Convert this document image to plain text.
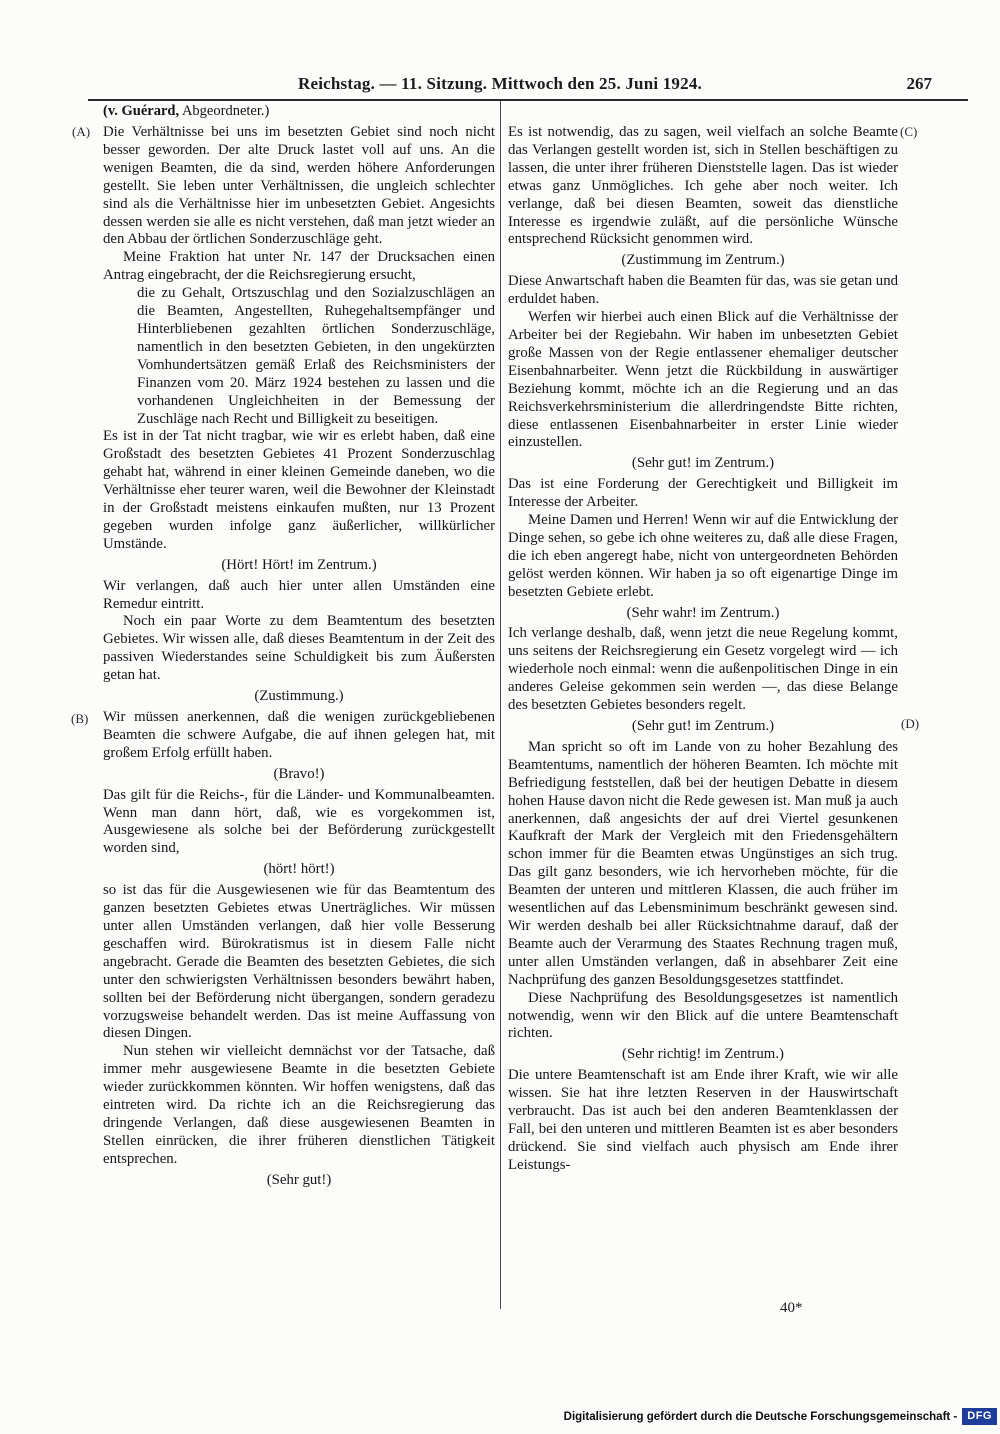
Reichstag. — 11. Sitzung. Mittwoch den 25. Juni 1924.	267
(v. Guérard, Abgeordneter.)
(A)
(B)
(C)
(D)

Die Verhältnisse bei uns im besetzten Gebiet sind noch nicht besser geworden. Der alte Druck lastet voll auf uns. An die wenigen Beamten, die da sind, werden höhere Anforderungen gestellt. Sie leben unter Verhältnissen, die ungleich schlechter sind als die Verhältnisse hier im unbesetzten Gebiet. Angesichts dessen werden sie alle es nicht verstehen, daß man jetzt wieder an den Abbau der örtlichen Sonderzuschläge geht.

Meine Fraktion hat unter Nr. 147 der Drucksachen einen Antrag eingebracht, der die Reichsregierung ersucht,

die zu Gehalt, Ortszuschlag und den Sozialzuschlägen an die Beamten, Angestellten, Ruhegehaltsempfänger und Hinterbliebenen gezahlten örtlichen Sonderzuschläge, namentlich in den besetzten Gebieten, in den ungekürzten Vomhundertsätzen gemäß Erlaß des Reichsministers der Finanzen vom 20. März 1924 bestehen zu lassen und die vorhandenen Ungleichheiten in der Bemessung der Zuschläge nach Recht und Billigkeit zu beseitigen.

Es ist in der Tat nicht tragbar, wie wir es erlebt haben, daß eine Großstadt des besetzten Gebietes 41 Prozent Sonderzuschlag gehabt hat, während in einer kleinen Gemeinde daneben, wo die Verhältnisse eher teurer waren, weil die Bewohner der Kleinstadt in der Großstadt meistens einkaufen mußten, nur 13 Prozent gegeben wurden infolge ganz äußerlicher, willkürlicher Umstände.

(Hört! Hört! im Zentrum.)

Wir verlangen, daß auch hier unter allen Umständen eine Remedur eintritt.

Noch ein paar Worte zu dem Beamtentum des besetzten Gebietes. Wir wissen alle, daß dieses Beamtentum in der Zeit des passiven Wiederstandes seine Schuldigkeit bis zum Äußersten getan hat.

(Zustimmung.)

Wir müssen anerkennen, daß die wenigen zurückgebliebenen Beamten die schwere Aufgabe, die auf ihnen gelegen hat, mit großem Erfolg erfüllt haben.

(Bravo!)

Das gilt für die Reichs-, für die Länder- und Kommunalbeamten. Wenn man dann hört, daß, wie es vorgekommen ist, Ausgewiesene als solche bei der Beförderung zurückgestellt worden sind,

(hört! hört!)

so ist das für die Ausgewiesenen wie für das Beamtentum des ganzen besetzten Gebietes etwas Unerträgliches. Wir müssen unter allen Umständen verlangen, daß hier volle Besserung geschaffen wird. Bürokratismus ist in diesem Falle nicht angebracht. Gerade die Beamten des besetzten Gebietes, die sich unter den schwierigsten Verhältnissen besonders bewährt haben, sollten bei der Beförderung nicht übergangen, sondern geradezu vorzugsweise behandelt werden. Das ist meine Auffassung von diesen Dingen.

Nun stehen wir vielleicht demnächst vor der Tatsache, daß immer mehr ausgewiesene Beamte in die besetzten Gebiete wieder zurückkommen könnten. Wir hoffen wenigstens, daß das eintreten wird. Da richte ich an die Reichsregierung das dringende Verlangen, daß diese ausgewiesenen Beamten in Stellen einrücken, die ihrer früheren dienstlichen Tätigkeit entsprechen.

(Sehr gut!)

Es ist notwendig, das zu sagen, weil vielfach an solche Beamte das Verlangen gestellt worden ist, sich in Stellen beschäftigen zu lassen, die unter ihrer früheren Dienststelle lagen. Das ist wieder etwas ganz Unmögliches. Ich gehe aber noch weiter. Ich verlange, daß bei diesen Beamten, soweit das dienstliche Interesse es irgendwie zuläßt, auf die persönliche Wünsche entsprechend Rücksicht genommen wird.

(Zustimmung im Zentrum.)

Diese Anwartschaft haben die Beamten für das, was sie getan und erduldet haben.

Werfen wir hierbei auch einen Blick auf die Verhältnisse der Arbeiter bei der Regiebahn. Wir haben im unbesetzten Gebiet große Massen von der Regie entlassener ehemaliger deutscher Eisenbahnarbeiter. Wenn jetzt die Rückbildung in auswärtiger Beziehung kommt, möchte ich an die Regierung und an das Reichsverkehrsministerium die allerdringendste Bitte richten, diese entlassenen Eisenbahnarbeiter in erster Linie wieder einzustellen.

(Sehr gut! im Zentrum.)

Das ist eine Forderung der Gerechtigkeit und Billigkeit im Interesse der Arbeiter.

Meine Damen und Herren! Wenn wir auf die Entwicklung der Dinge sehen, so gebe ich ohne weiteres zu, daß alle diese Fragen, die ich eben angeregt habe, nicht von untergeordneten Behörden gelöst werden können. Wir haben ja so oft eigenartige Dinge im besetzten Gebiete erlebt.

(Sehr wahr! im Zentrum.)

Ich verlange deshalb, daß, wenn jetzt die neue Regelung kommt, uns seitens der Reichsregierung ein Gesetz vorgelegt wird — ich wiederhole noch einmal: wenn die außenpolitischen Dinge in ein anderes Geleise gekommen sein werden —, das diese Belange des besetzten Gebietes besonders regelt.

(Sehr gut! im Zentrum.)

Man spricht so oft im Lande von zu hoher Bezahlung des Beamtentums, namentlich der höheren Beamten. Ich möchte mit Befriedigung feststellen, daß bei der heutigen Debatte in diesem hohen Hause davon nicht die Rede gewesen ist. Man muß ja auch anerkennen, daß angesichts der auf drei Viertel gesunkenen Kaufkraft der Mark der Vergleich mit den Friedensgehältern schon immer für die Beamten etwas Ungünstiges an sich trug. Das gilt ganz besonders, wie ich hervorheben möchte, für die Beamten der unteren und mittleren Klassen, die auch früher im wesentlichen auf das Lebensminimum beschränkt gewesen sind. Wir werden deshalb bei aller Rücksichtnahme darauf, daß der Beamte auch der Verarmung des Staates Rechnung tragen muß, unter allen Umständen verlangen, daß in absehbarer Zeit eine Nachprüfung des ganzen Besoldungsgesetzes stattfindet.

Diese Nachprüfung des Besoldungsgesetzes ist namentlich notwendig, wenn wir den Blick auf die untere Beamtenschaft richten.

(Sehr richtig! im Zentrum.)

Die untere Beamtenschaft ist am Ende ihrer Kraft, wie wir alle wissen. Sie hat ihre letzten Reserven in der Hauswirtschaft verbraucht. Das ist auch bei den anderen Beamtenklassen der Fall, bei den unteren und mittleren Beamten ist es aber besonders drückend. Sie sind vielfach auch physisch am Ende ihrer Leistungs-

40*
Digitalisierung gefördert durch die Deutsche Forschungsgemeinschaft - DFG
